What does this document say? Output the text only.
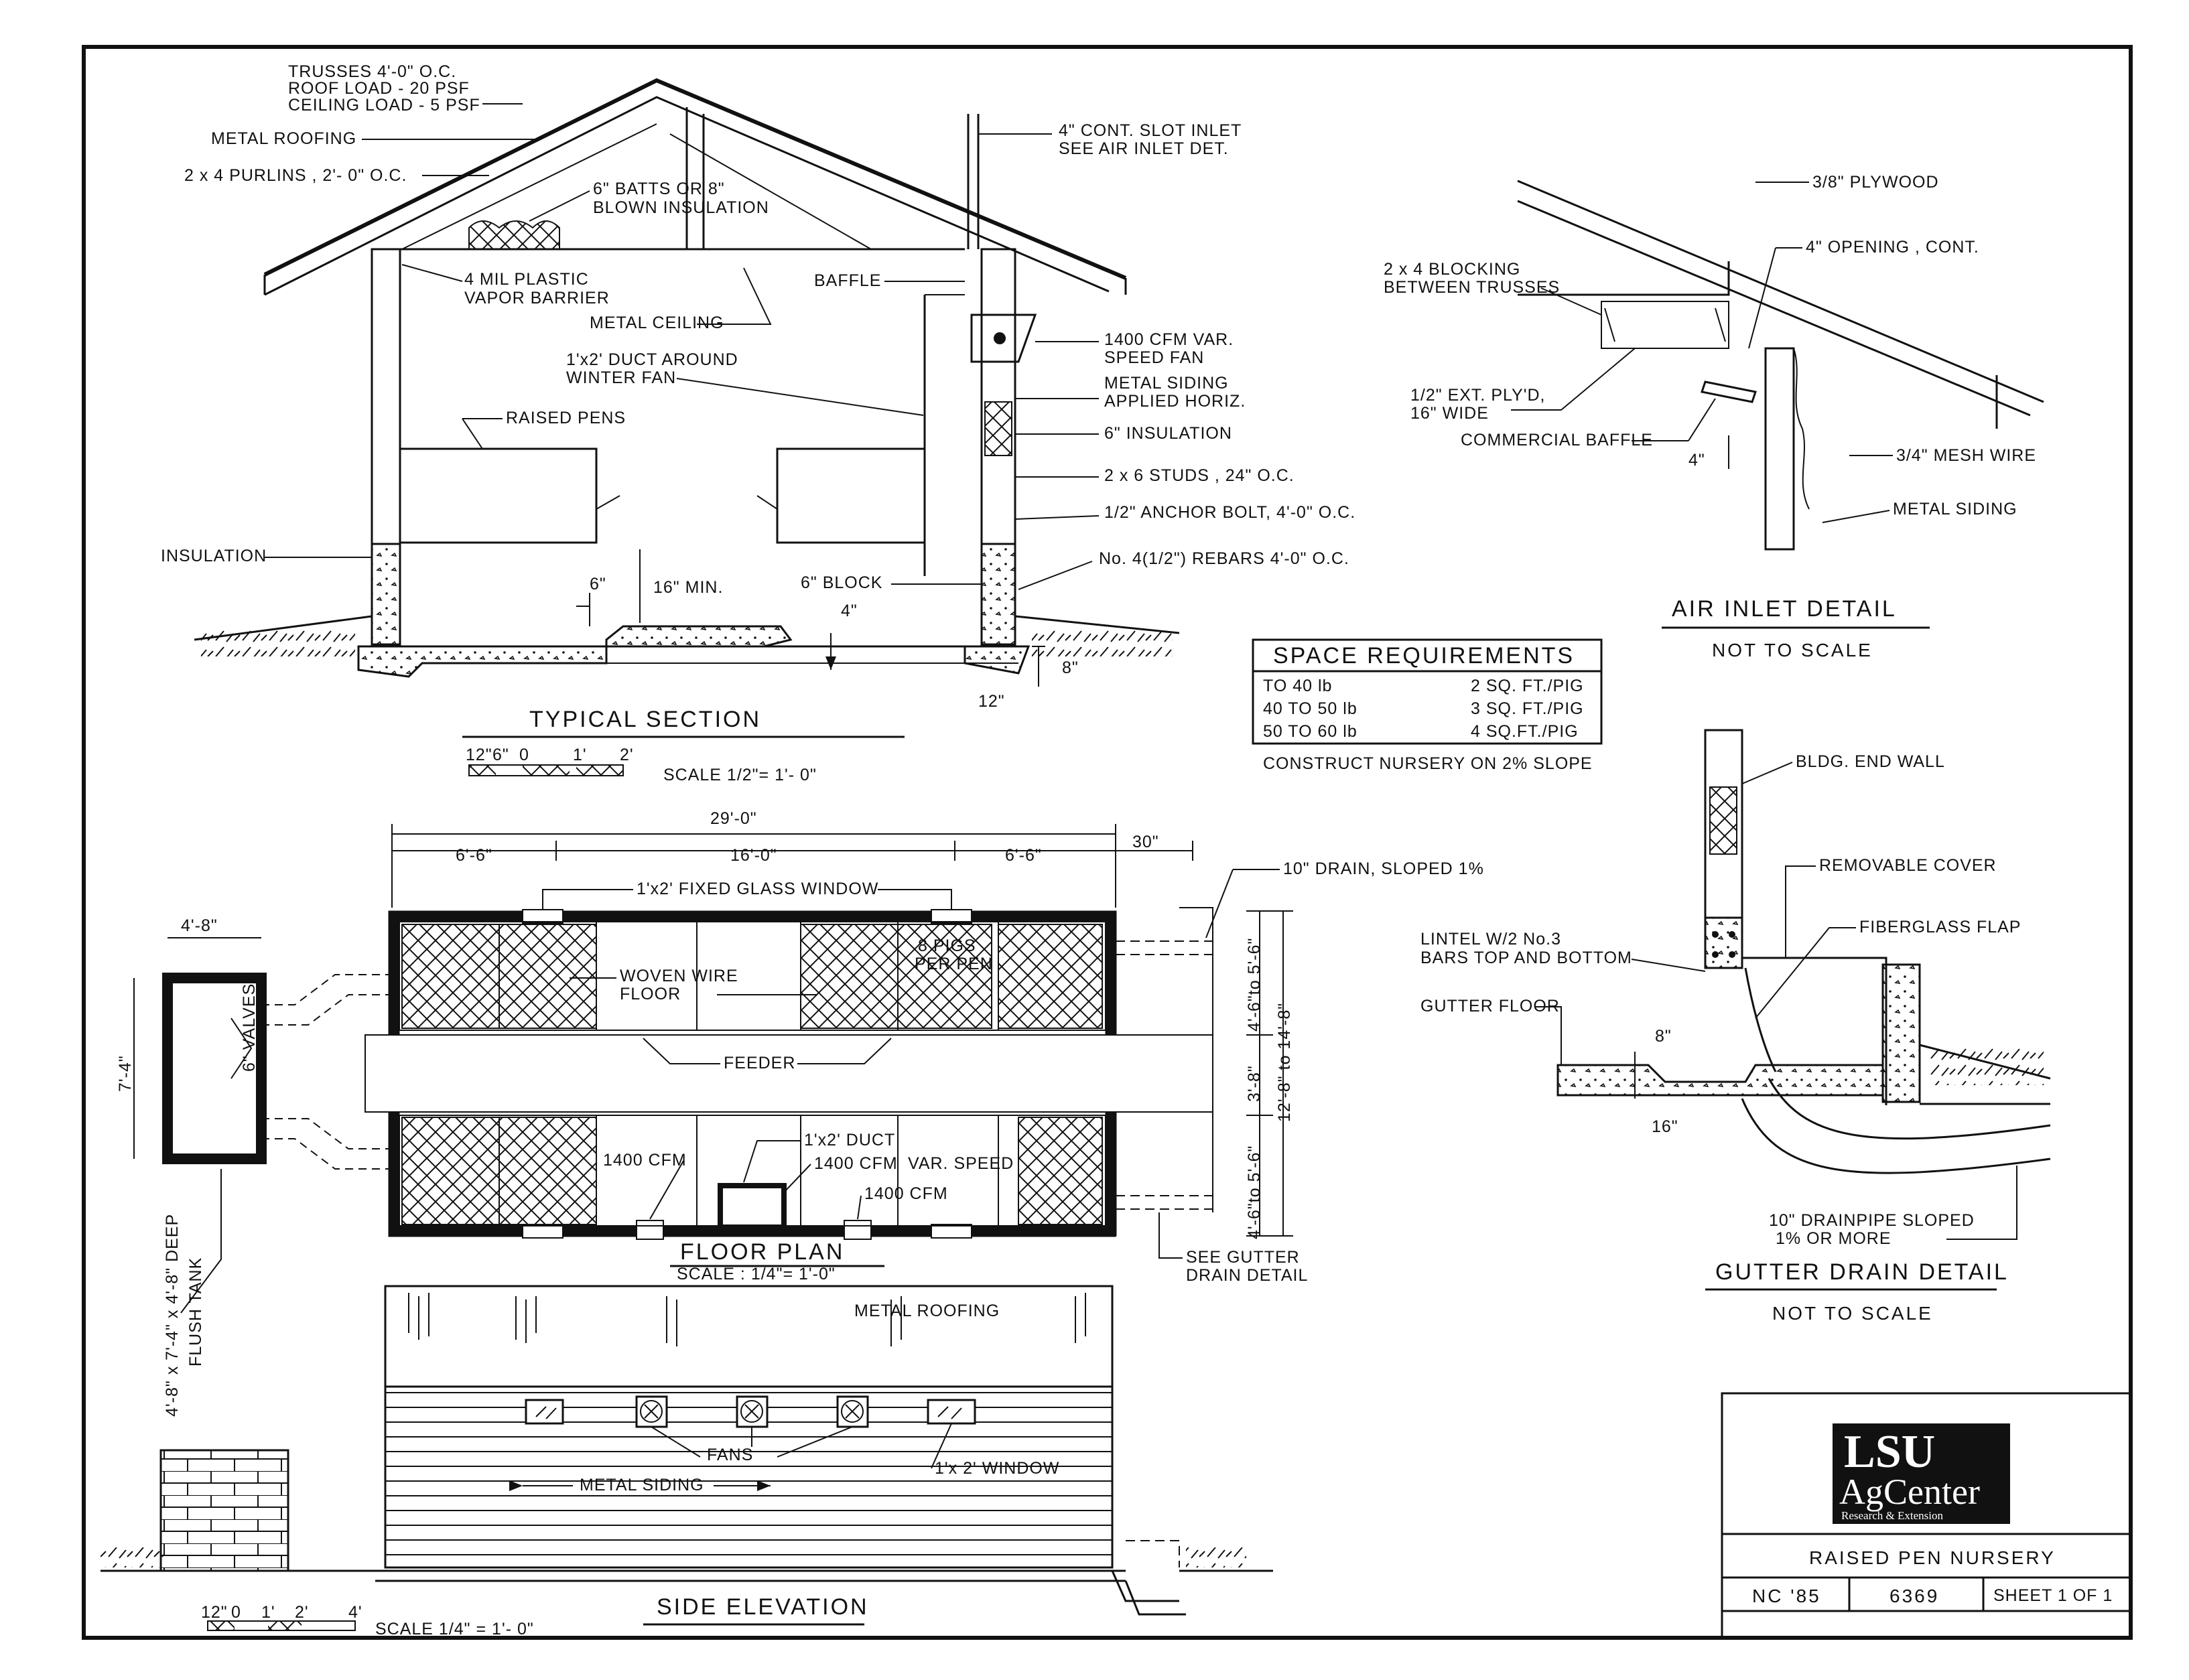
TRUSSES 4'-0" O.C.
ROOF LOAD - 20 PSF
CEILING LOAD - 5 PSF
METAL ROOFING
2 x 4 PURLINS , 2'- 0" O.C.
6" BATTS OR 8"
BLOWN INSULATION
4 MIL PLASTIC
VAPOR BARRIER
METAL CEILING
4" CONT. SLOT INLET
SEE AIR INLET DET.
BAFFLE
1400 CFM VAR.
SPEED FAN
1'x2' DUCT AROUND
WINTER FAN	METAL SIDING
APPLIED HORIZ.
RAISED PENS
6" INSULATION
2 x 6 STUDS , 24" O.C.
1/2" ANCHOR BOLT, 4'-0" O.C.
INSULATION	No. 4(1/2") REBARS 4'-0" O.C.
6"	16" MIN.	6" BLOCK
4"
8"
12"
TYPICAL SECTION
12" 6" 0	1' 2'
SCALE 1/2"= 1'- 0"
3/8" PLYWOOD
4" OPENING , CONT.
2 x 4 BLOCKING
BETWEEN TRUSSES
1/2" EXT. PLY'D,
16" WIDE
COMMERCIAL BAFFLE
4"	3/4" MESH WIRE
METAL SIDING
AIR INLET DETAIL
NOT TO SCALE
SPACE REQUIREMENTS
TO 40 lb	2 SQ. FT./PIG
40 TO 50 lb	3 SQ. FT./PIG
50 TO 60 lb	4 SQ.FT./PIG
CONSTRUCT NURSERY ON 2% SLOPE
29'-0"
6'-6"	16'-0"	6'-6"
30"
4'-8"
7'-4"
6" VALVES	4'-6"to 5'-6"
3'-8"
4'-6"to 5'-6"
12'-8" to 14'-8"
10" DRAIN, SLOPED 1%
1'x2' FIXED GLASS WINDOW
8 PIGS
PER PEN
WOVEN WIRE
FLOOR
FEEDER
1400 CFM
1'x2' DUCT
1400 CFM VAR. SPEED
1400 CFM
SEE GUTTER
DRAIN DETAIL
4'-8" x 7'-4" x 4'-8" DEEP FLUSH TANK
FLOOR PLAN
SCALE : 1/4"= 1'-0"
METAL ROOFING
FANS
1'x 2' WINDOW
METAL SIDING
SIDE ELEVATION
12" 0 1' 2' 4'
SCALE 1/4" = 1'- 0"
BLDG. END WALL
REMOVABLE COVER
FIBERGLASS FLAP
LINTEL W/2 No.3
BARS TOP AND BOTTOM
GUTTER FLOOR
8"
16"
10" DRAINPIPE SLOPED
1% OR MORE
GUTTER DRAIN DETAIL
NOT TO SCALE
LSU
AgCenter
Research & Extension
RAISED PEN NURSERY
NC '85	6369	SHEET 1 OF 1
